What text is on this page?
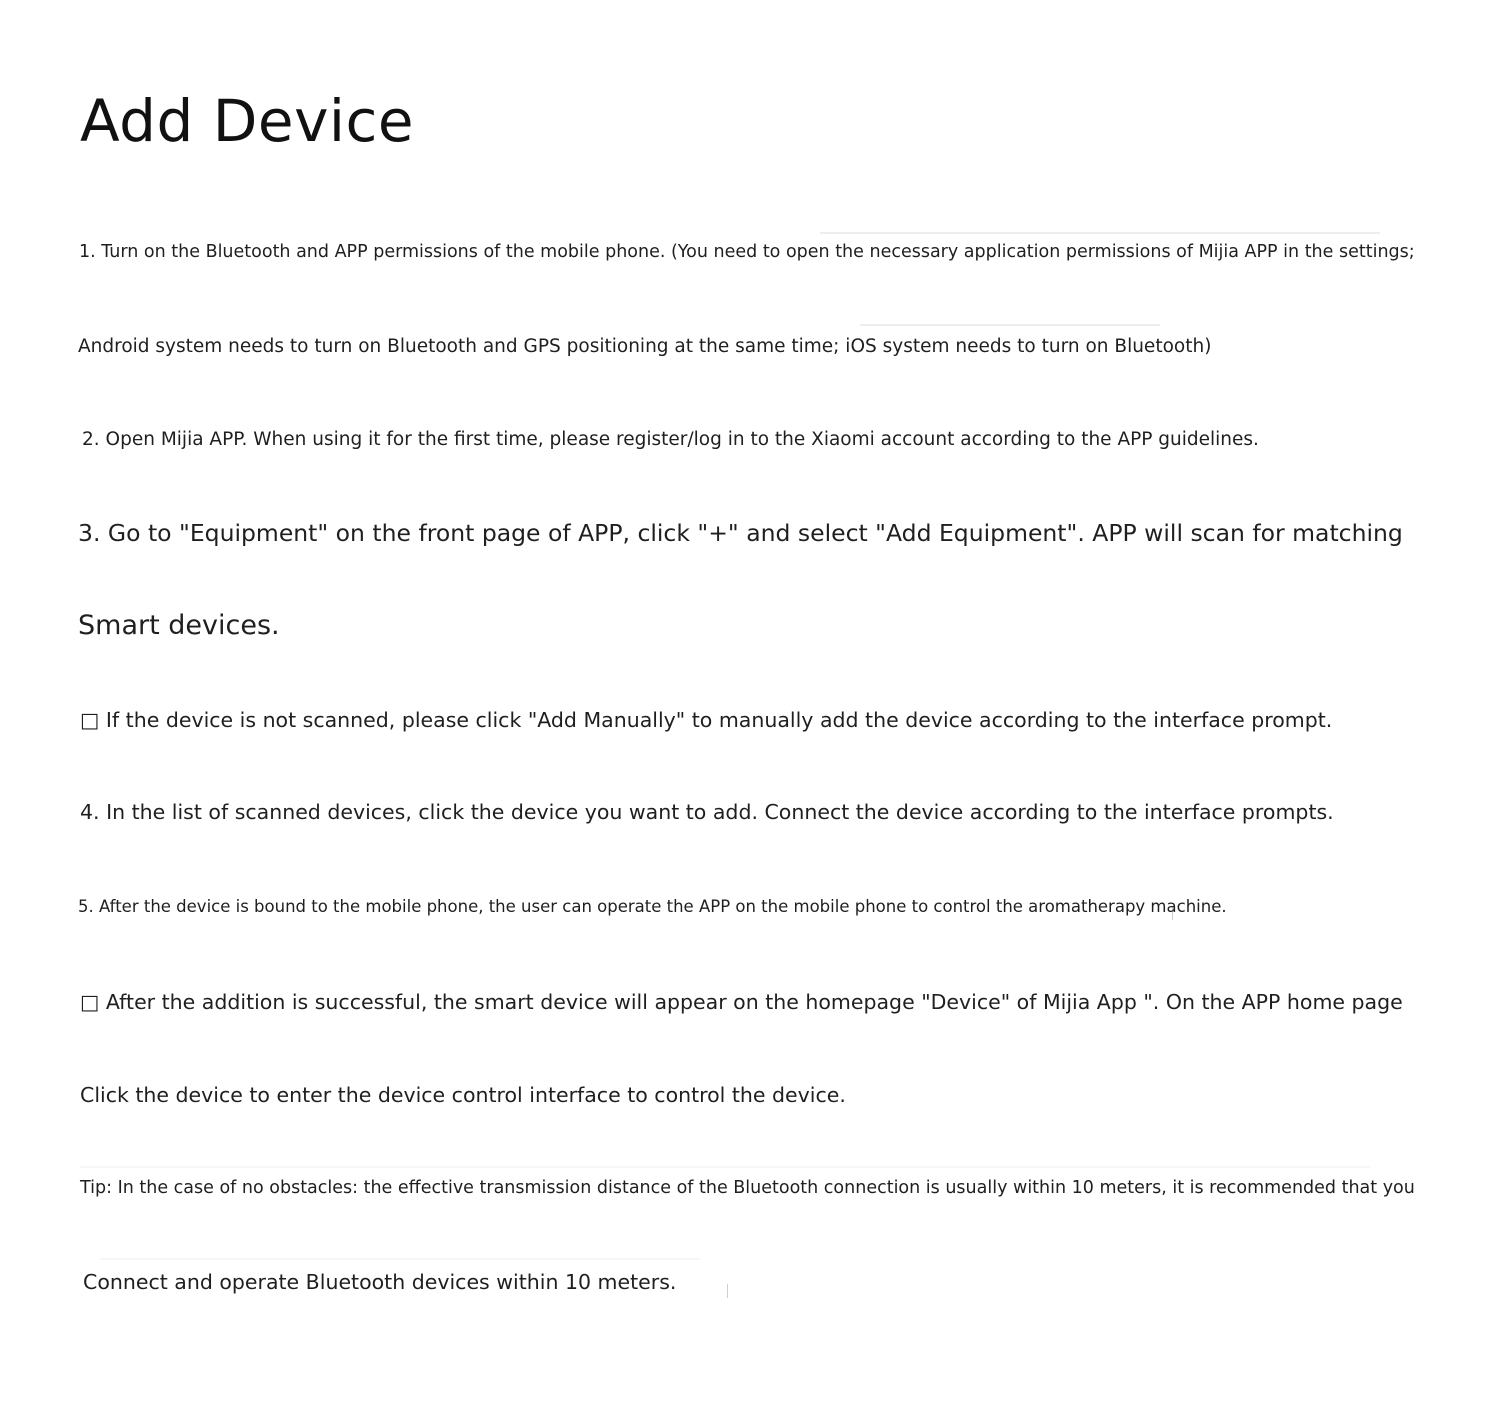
Add Device
1. Turn on the Bluetooth and APP permissions of the mobile phone. (You need to open the necessary application permissions of Mijia APP in the settings;
Android system needs to turn on Bluetooth and GPS positioning at the same time; iOS system needs to turn on Bluetooth)
2. Open Mijia APP. When using it for the first time, please register/log in to the Xiaomi account according to the APP guidelines.
3. Go to "Equipment" on the front page of APP, click "+" and select "Add Equipment". APP will scan for matching
Smart devices.
□ If the device is not scanned, please click "Add Manually" to manually add the device according to the interface prompt.
4. In the list of scanned devices, click the device you want to add. Connect the device according to the interface prompts.
5. After the device is bound to the mobile phone, the user can operate the APP on the mobile phone to control the aromatherapy machine.
□ After the addition is successful, the smart device will appear on the homepage "Device" of Mijia App ". On the APP home page
Click the device to enter the device control interface to control the device.
Tip: In the case of no obstacles: the effective transmission distance of the Bluetooth connection is usually within 10 meters, it is recommended that you
Connect and operate Bluetooth devices within 10 meters.
